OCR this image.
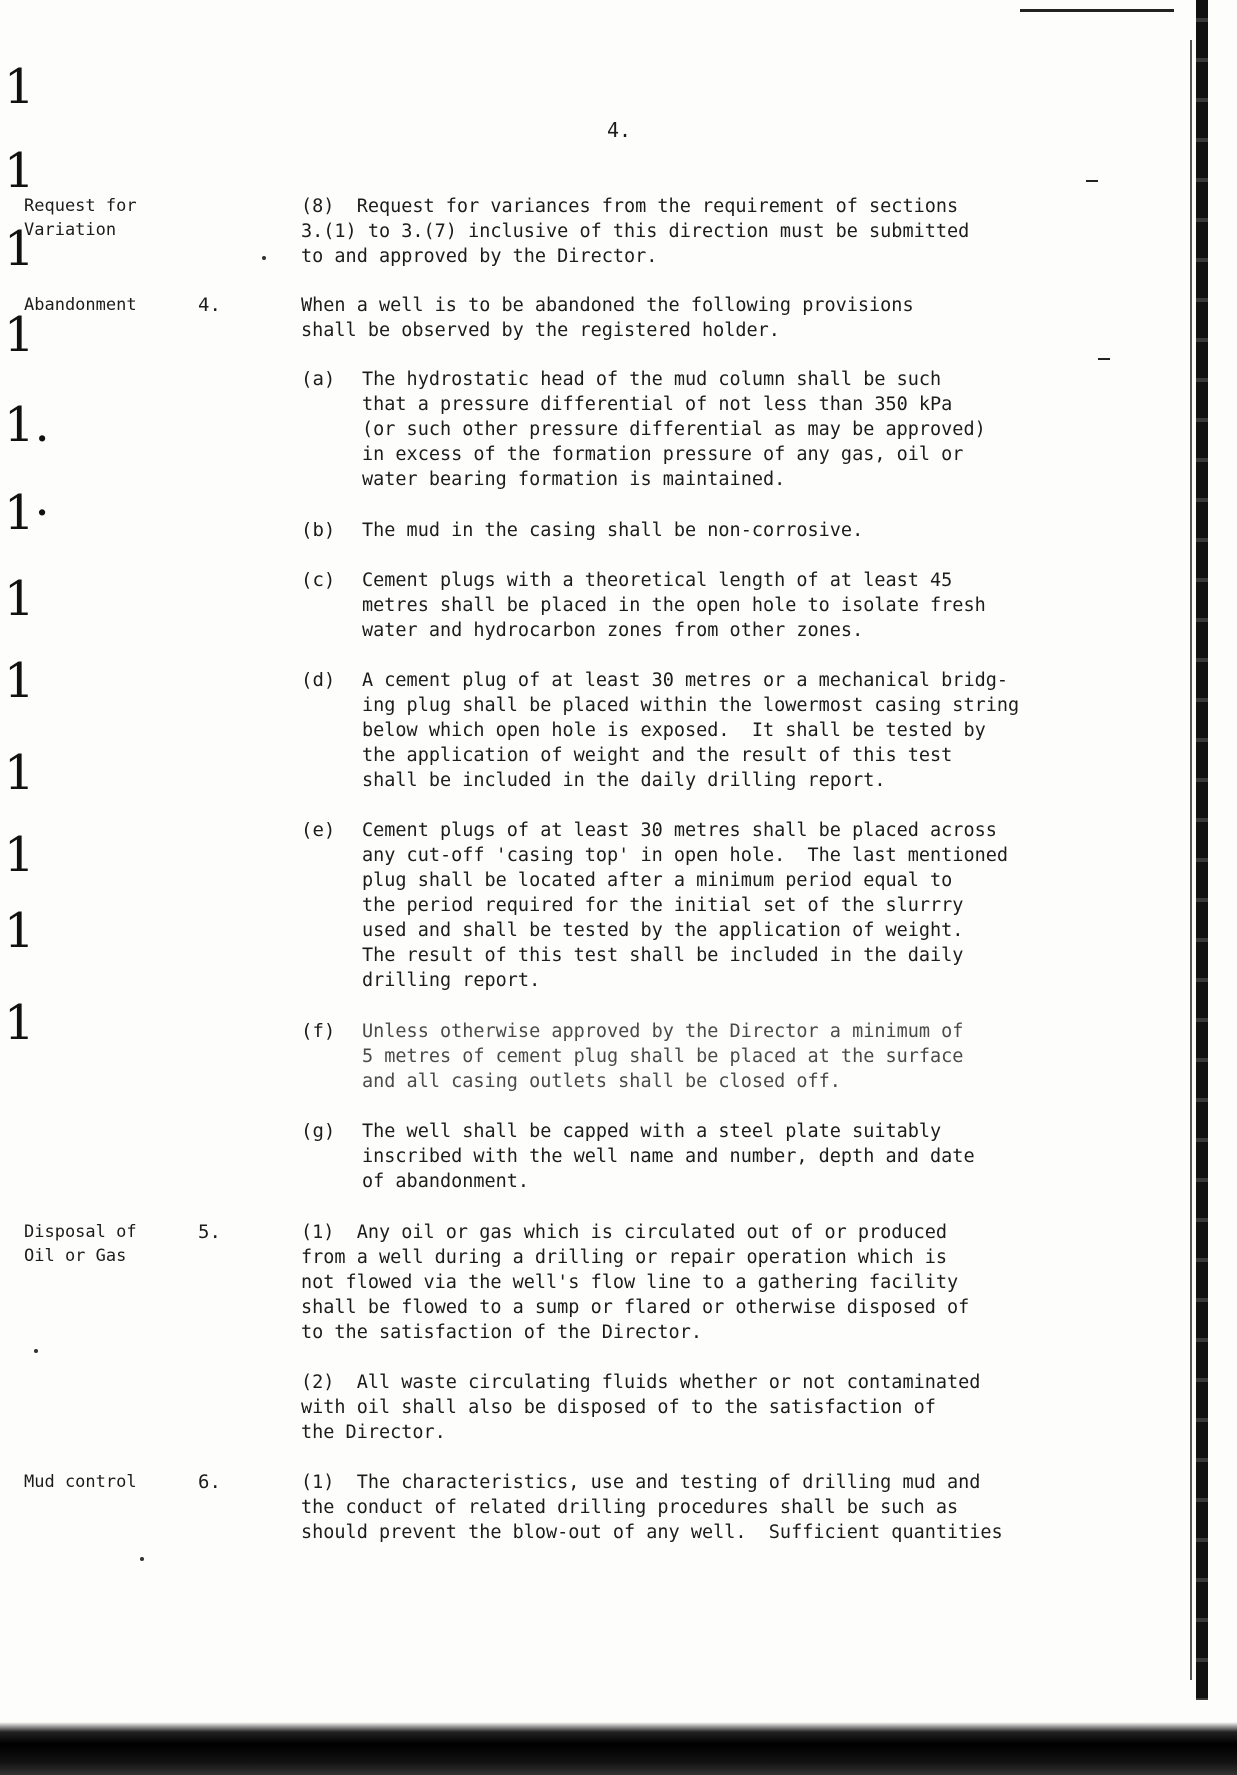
1
1
1
1
1.
1·
1
1
1
1
1
1
4.
Request for
Variation
(8)  Request for variances from the requirement of sections
3.(1) to 3.(7) inclusive of this direction must be submitted
to and approved by the Director.
Abandonment	4.	When a well is to be abandoned the following provisions
shall be observed by the registered holder.
(a) The hydrostatic head of the mud column shall be such
that a pressure differential of not less than 350 kPa
(or such other pressure differential as may be approved)
in excess of the formation pressure of any gas, oil or
water bearing formation is maintained.
(b) The mud in the casing shall be non-corrosive.
(c) Cement plugs with a theoretical length of at least 45
metres shall be placed in the open hole to isolate fresh
water and hydrocarbon zones from other zones.
(d) A cement plug of at least 30 metres or a mechanical bridg-
ing plug shall be placed within the lowermost casing string
below which open hole is exposed.  It shall be tested by
the application of weight and the result of this test
shall be included in the daily drilling report.
(e) Cement plugs of at least 30 metres shall be placed across
any cut-off 'casing top' in open hole.  The last mentioned
plug shall be located after a minimum period equal to
the period required for the initial set of the slurrry
used and shall be tested by the application of weight.
The result of this test shall be included in the daily
drilling report.
(f) Unless otherwise approved by the Director a minimum of
5 metres of cement plug shall be placed at the surface
and all casing outlets shall be closed off.
(g) The well shall be capped with a steel plate suitably
inscribed with the well name and number, depth and date
of abandonment.
Disposal of
Oil or Gas
5.	(1)  Any oil or gas which is circulated out of or produced
from a well during a drilling or repair operation which is
not flowed via the well's flow line to a gathering facility
shall be flowed to a sump or flared or otherwise disposed of
to the satisfaction of the Director.
(2)  All waste circulating fluids whether or not contaminated
with oil shall also be disposed of to the satisfaction of
the Director.
Mud control	6.	(1)  The characteristics, use and testing of drilling mud and
the conduct of related drilling procedures shall be such as
should prevent the blow-out of any well.  Sufficient quantities
